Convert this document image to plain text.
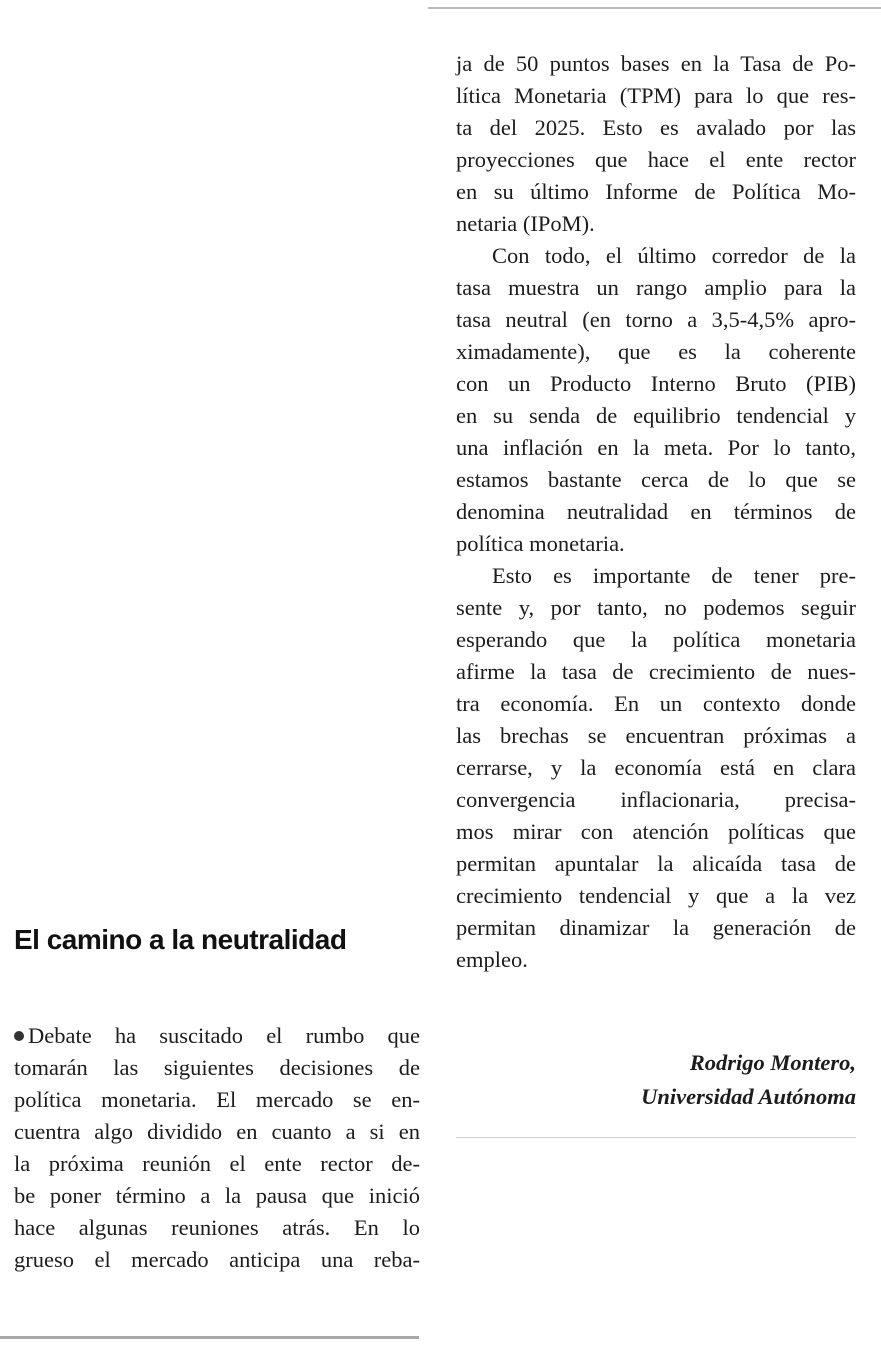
ja de 50 puntos bases en la Tasa de Po-
lítica Monetaria (TPM) para lo que res-
ta del 2025. Esto es avalado por las
proyecciones que hace el ente rector
en su último Informe de Política Mo-
netaria (IPoM).
Con todo, el último corredor de la
tasa muestra un rango amplio para la
tasa neutral (en torno a 3,5-4,5% apro-
ximadamente), que es la coherente
con un Producto Interno Bruto (PIB)
en su senda de equilibrio tendencial y
una inflación en la meta. Por lo tanto,
estamos bastante cerca de lo que se
denomina neutralidad en términos de
política monetaria.
Esto es importante de tener pre-
sente y, por tanto, no podemos seguir
esperando que la política monetaria
afirme la tasa de crecimiento de nues-
tra economía. En un contexto donde
las brechas se encuentran próximas a
cerrarse, y la economía está en clara
convergencia inflacionaria, precisa-
mos mirar con atención políticas que
permitan apuntalar la alicaída tasa de
crecimiento tendencial y que a la vez
permitan dinamizar la generación de
empleo.
Rodrigo Montero,
Universidad Autónoma
El camino a la neutralidad
Debate ha suscitado el rumbo que
tomarán las siguientes decisiones de
política monetaria. El mercado se en-
cuentra algo dividido en cuanto a si en
la próxima reunión el ente rector de-
be poner término a la pausa que inició
hace algunas reuniones atrás. En lo
grueso el mercado anticipa una reba-
